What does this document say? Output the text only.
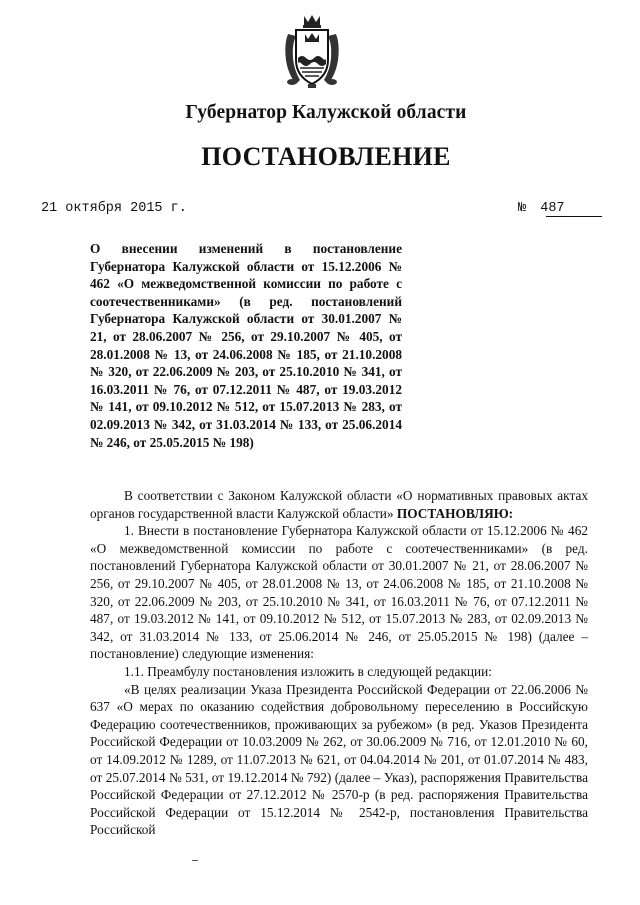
Губернатор Калужской области
ПОСТАНОВЛЕНИЕ
21 октября 2015 г.	№ 487
О внесении изменений в постановление Губернатора Калужской области от 15.12.2006 № 462 «О межведомственной комиссии по работе с соотечественниками» (в ред. постановлений Губернатора Калужской области от 30.01.2007 № 21, от 28.06.2007 № 256, от 29.10.2007 № 405, от 28.01.2008 № 13, от 24.06.2008 № 185, от 21.10.2008 № 320, от 22.06.2009 № 203, от 25.10.2010 № 341, от 16.03.2011 № 76, от 07.12.2011 № 487, от 19.03.2012 № 141, от 09.10.2012 № 512, от 15.07.2013 № 283, от 02.09.2013 № 342, от 31.03.2014 № 133, от 25.06.2014 № 246, от 25.05.2015 № 198)

В соответствии с Законом Калужской области «О нормативных правовых актах органов государственной власти Калужской области» ПОСТАНОВЛЯЮ:

1. Внести в постановление Губернатора Калужской области от 15.12.2006 № 462 «О межведомственной комиссии по работе с соотечественниками» (в ред. постановлений Губернатора Калужской области от 30.01.2007 № 21, от 28.06.2007 № 256, от 29.10.2007 № 405, от 28.01.2008 № 13, от 24.06.2008 № 185, от 21.10.2008 № 320, от 22.06.2009 № 203, от 25.10.2010 № 341, от 16.03.2011 № 76, от 07.12.2011 № 487, от 19.03.2012 № 141, от 09.10.2012 № 512, от 15.07.2013 № 283, от 02.09.2013 № 342, от 31.03.2014 № 133, от 25.06.2014 № 246, от 25.05.2015 № 198) (далее – постановление) следующие изменения:

1.1. Преамбулу постановления изложить в следующей редакции:

«В целях реализации Указа Президента Российской Федерации от 22.06.2006 № 637 «О мерах по оказанию содействия добровольному переселению в Российскую Федерацию соотечественников, проживающих за рубежом» (в ред. Указов Президента Российской Федерации от 10.03.2009 № 262, от 30.06.2009 № 716, от 12.01.2010 № 60, от 14.09.2012 № 1289, от 11.07.2013 № 621, от 04.04.2014 № 201, от 01.07.2014 № 483, от 25.07.2014 № 531, от 19.12.2014 № 792) (далее – Указ), распоряжения Правительства Российской Федерации от 27.12.2012 № 2570-р (в ред. распоряжения Правительства Российской Федерации от 15.12.2014 № 2542-р, постановления Правительства Российской
